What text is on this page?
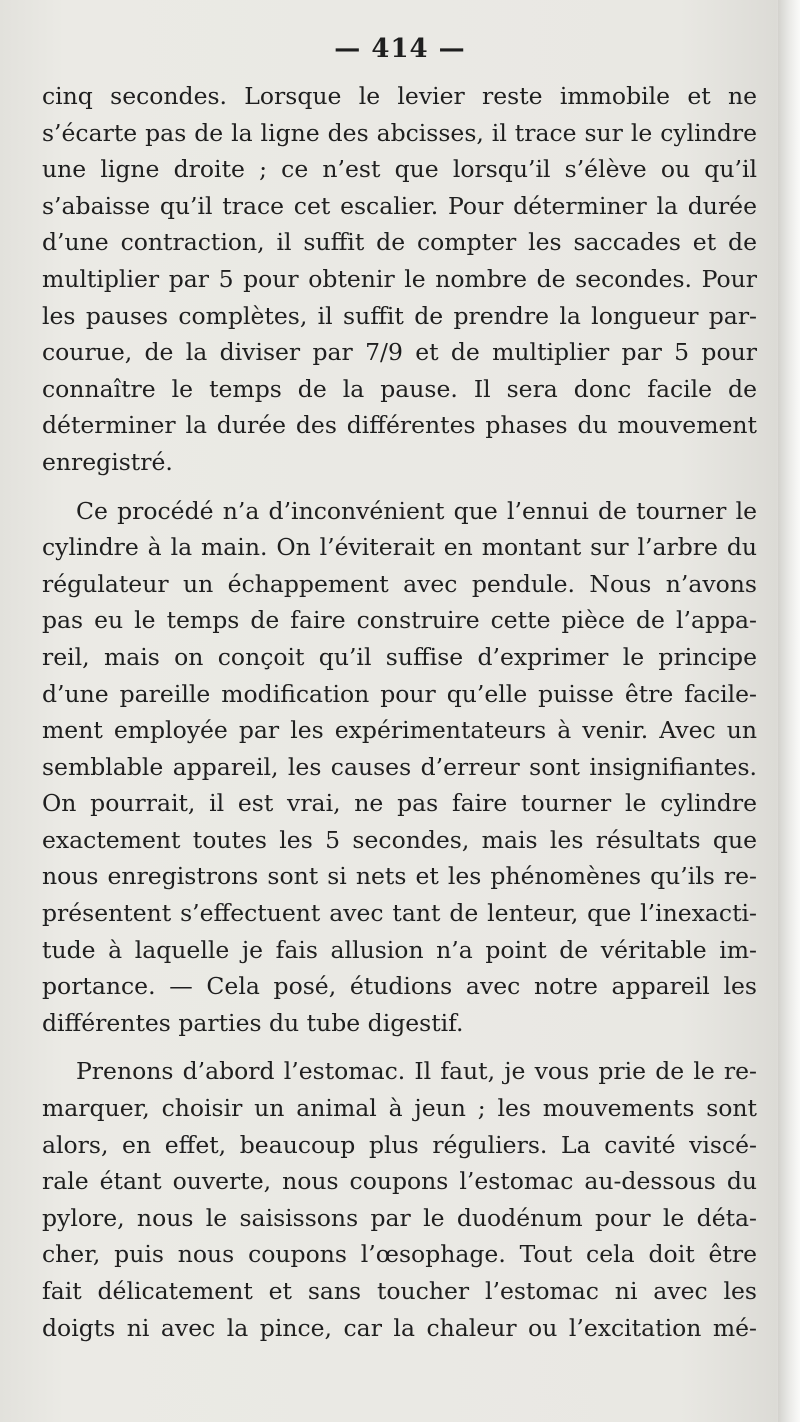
— 414 —
cinq secondes. Lorsque le levier reste immobile et ne
s’écarte pas de la ligne des abcisses, il trace sur le cylindre
une ligne droite ; ce n’est que lorsqu’il s’élève ou qu’il
s’abaisse qu’il trace cet escalier. Pour déterminer la durée
d’une contraction, il suffit de compter les saccades et de
multiplier par 5 pour obtenir le nombre de secondes. Pour
les pauses complètes, il suffit de prendre la longueur par-
courue, de la diviser par 7/9 et de multiplier par 5 pour
connaître le temps de la pause. Il sera donc facile de
déterminer la durée des différentes phases du mouvement
enregistré.
Ce procédé n’a d’inconvénient que l’ennui de tourner le
cylindre à la main. On l’éviterait en montant sur l’arbre du
régulateur un échappement avec pendule. Nous n’avons
pas eu le temps de faire construire cette pièce de l’appa-
reil, mais on conçoit qu’il suffise d’exprimer le principe
d’une pareille modification pour qu’elle puisse être facile-
ment employée par les expérimentateurs à venir. Avec un
semblable appareil, les causes d’erreur sont insignifiantes.
On pourrait, il est vrai, ne pas faire tourner le cylindre
exactement toutes les 5 secondes, mais les résultats que
nous enregistrons sont si nets et les phénomènes qu’ils re-
présentent s’effectuent avec tant de lenteur, que l’inexacti-
tude à laquelle je fais allusion n’a point de véritable im-
portance. — Cela posé, étudions avec notre appareil les
différentes parties du tube digestif.
Prenons d’abord l’estomac. Il faut, je vous prie de le re-
marquer, choisir un animal à jeun ; les mouvements sont
alors, en effet, beaucoup plus réguliers. La cavité viscé-
rale étant ouverte, nous coupons l’estomac au-dessous du
pylore, nous le saisissons par le duodénum pour le déta-
cher, puis nous coupons l’œsophage. Tout cela doit être
fait délicatement et sans toucher l’estomac ni avec les
doigts ni avec la pince, car la chaleur ou l’excitation mé-
